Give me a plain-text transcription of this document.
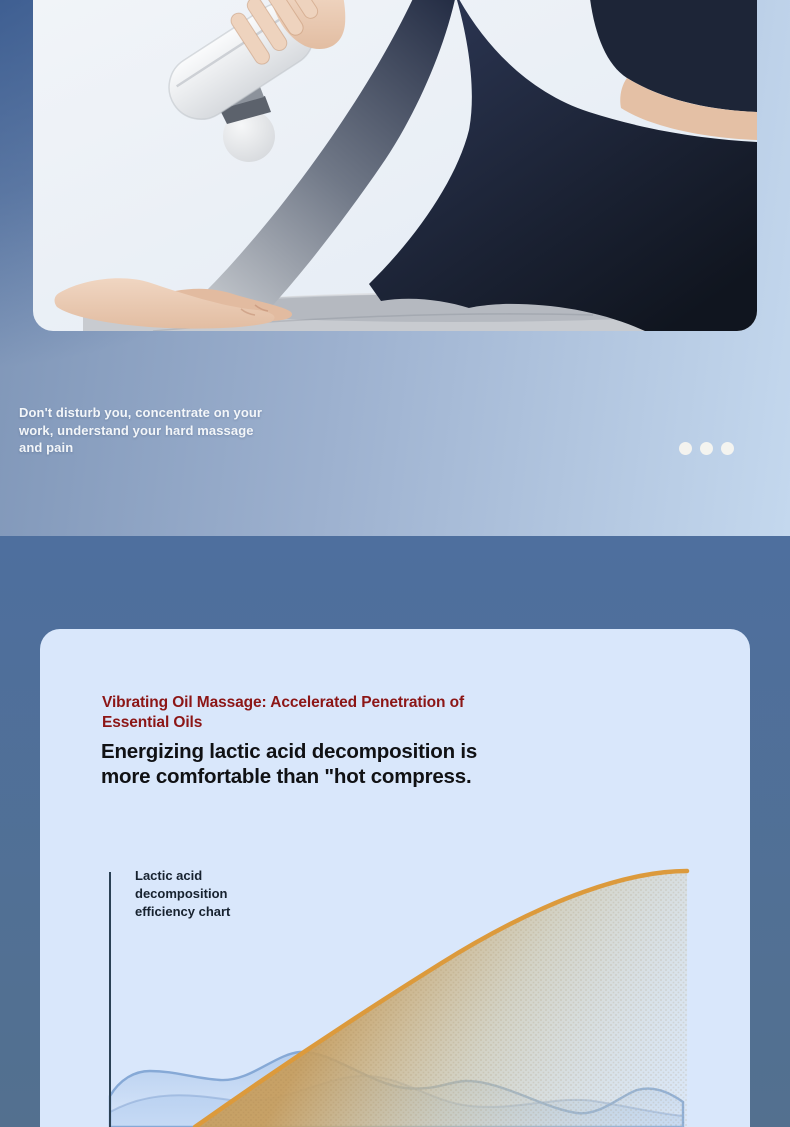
Don't disturb you, concentrate on your
work, understand your hard massage
and pain
Vibrating Oil Massage: Accelerated Penetration of
Essential Oils
Energizing lactic acid decomposition is
more comfortable than "hot compress.
Lactic acid
decomposition
efficiency chart
